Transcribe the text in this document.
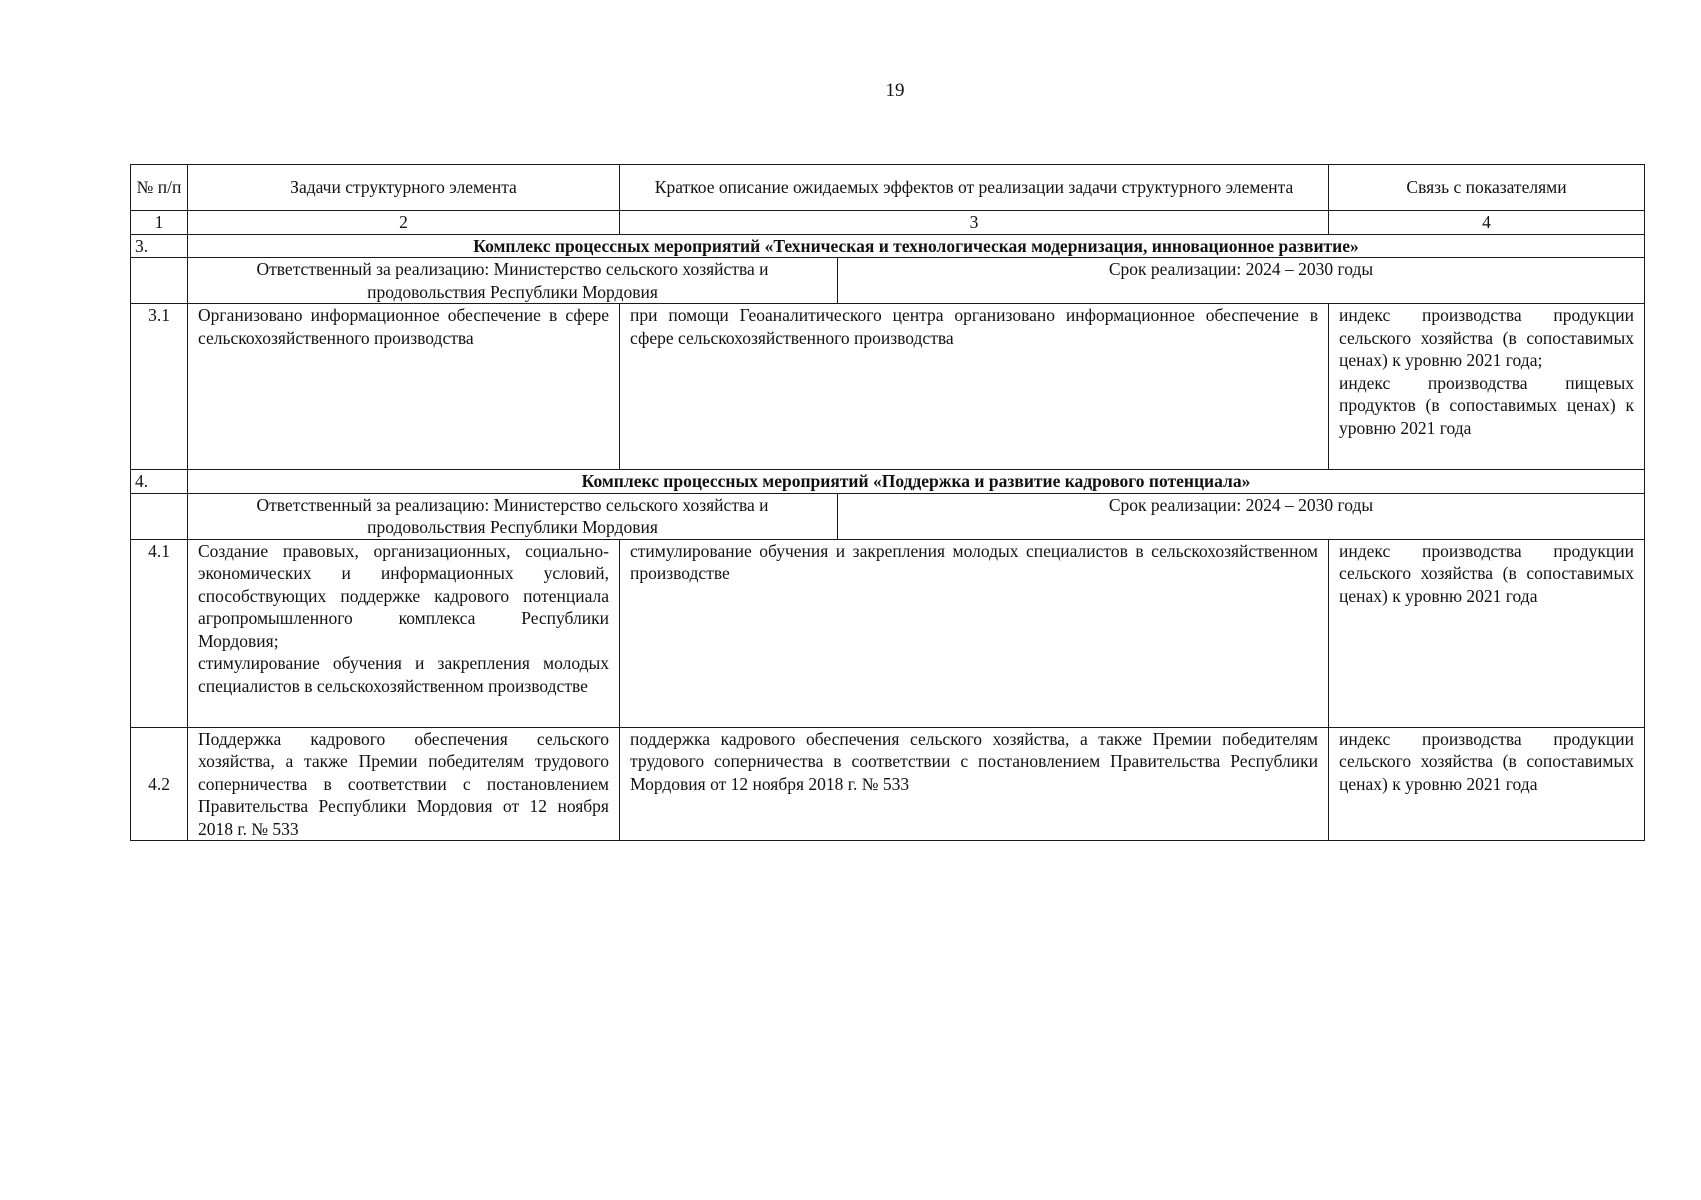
19
№ п/п	Задачи структурного элемента	Краткое описание ожидаемых эффектов от реализации задачи структурного элемента		Связь с показателями
1	2	3		4
3.	Комплекс процессных мероприятий «Техническая и технологическая модернизация, инновационное развитие»			

	Ответственный за реализацию: Министерство сельского хозяйства и продовольствия Республики Мордовия		Срок реализации: 2024 – 2030 годы	
3.1	Организовано информационное обеспечение в сфере сельскохозяйственного производства	при помощи Геоаналитического центра организовано информационное обеспечение в сфере сельскохозяйственного производства		индекс производства продукции сельского хозяйства (в сопоставимых ценах) к уровню 2021 года;
индекс производства пищевых продуктов (в сопоставимых ценах) к уровню 2021 года

4.	Комплекс процессных мероприятий «Поддержка и развитие кадрового потенциала»			

	Ответственный за реализацию: Министерство сельского хозяйства и продовольствия Республики Мордовия		Срок реализации: 2024 – 2030 годы	
4.1	Создание правовых, организационных, социально-экономических и информационных условий, способствующих поддержке кадрового потенциала агропромышленного комплекса Республики Мордовия;
стимулирование обучения и закрепления молодых специалистов в сельскохозяйственном производстве	стимулирование обучения и закрепления молодых специалистов в сельскохозяйственном производстве		индекс производства продукции сельского хозяйства (в сопоставимых ценах) к уровню 2021 года

4.2	Поддержка кадрового обеспечения сельского хозяйства, а также Премии победителям трудового соперничества в соответствии с постановлением Правительства Республики Мордовия от 12 ноября 2018 г. № 533	поддержка кадрового обеспечения сельского хозяйства, а также Премии победителям трудового соперничества в соответствии с постановлением Правительства Республики Мордовия от 12 ноября 2018 г. № 533		индекс производства продукции сельского хозяйства (в сопоставимых ценах) к уровню 2021 года
